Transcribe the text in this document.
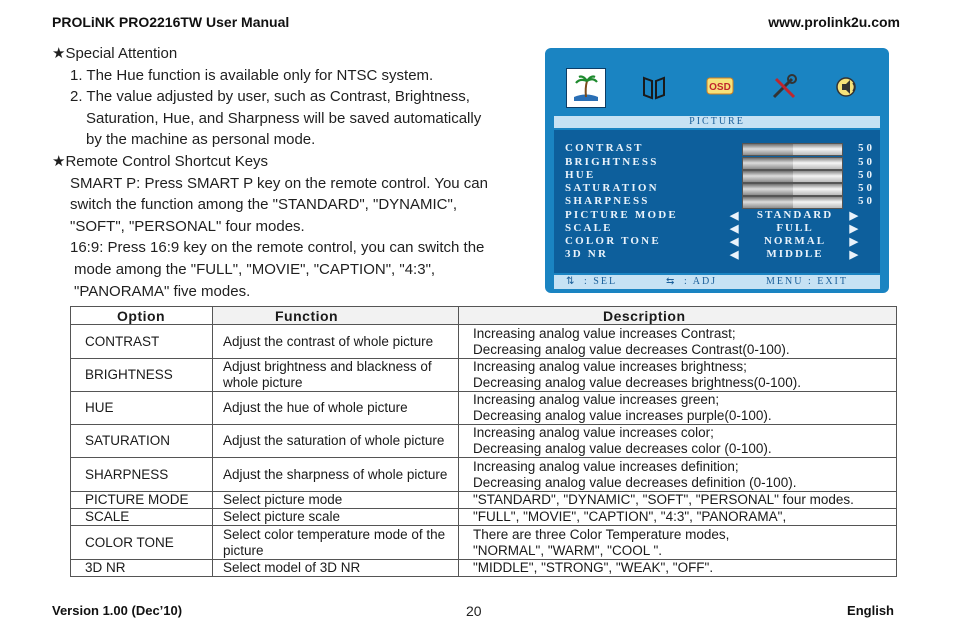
PROLiNK PRO2216TW User Manual	www.prolink2u.com
★Special Attention
1. The Hue function is available only for NTSC system.
2. The value adjusted by user, such as Contrast, Brightness,
Saturation, Hue, and Sharpness will be saved automatically
by the machine as personal mode.
★Remote Control Shortcut Keys
SMART P: Press SMART P key on the remote control. You can
switch the function among the "STANDARD", "DYNAMIC",
"SOFT", "PERSONAL" four modes.
16:9: Press 16:9 key on the remote control, you can switch the
mode among the "FULL", "MOVIE", "CAPTION", "4:3",
"PANORAMA" five modes.
OSD
PICTURE
CONTRAST	50
BRIGHTNESS	50
HUE	50
SATURATION	50
SHARPNESS	50
PICTURE MODE	◀	STANDARD	▶
SCALE	◀	FULL	▶
COLOR TONE	◀	NORMAL	▶
3D NR	◀	MIDDLE	▶
⇅ : SEL	⇆ : ADJ	MENU : EXIT
Option	Function	Description
CONTRAST	Adjust the contrast of whole picture	Increasing analog value increases Contrast;
Decreasing analog value decreases Contrast(0-100).

BRIGHTNESS	Adjust brightness and blackness of whole picture	Increasing analog value increases brightness;
Decreasing analog value decreases brightness(0-100).

HUE	Adjust the hue of whole picture	Increasing analog value increases green;
Decreasing analog value increases purple(0-100).

SATURATION	Adjust the saturation of whole picture	Increasing analog value increases color;
Decreasing analog value decreases color (0-100).

SHARPNESS	Adjust the sharpness of whole picture	Increasing analog value increases definition;
Decreasing analog value decreases definition (0-100).

PICTURE MODE	Select picture mode	"STANDARD", "DYNAMIC", "SOFT", "PERSONAL" four modes.

SCALE	Select picture scale	"FULL", "MOVIE", "CAPTION", "4:3", "PANORAMA",

COLOR TONE	Select color temperature mode of the picture	There are three Color Temperature modes,
"NORMAL", "WARM", "COOL ".

3D NR	Select model of 3D NR	"MIDDLE", "STRONG", "WEAK", "OFF".
Version 1.00 (Dec’10)	20	English
